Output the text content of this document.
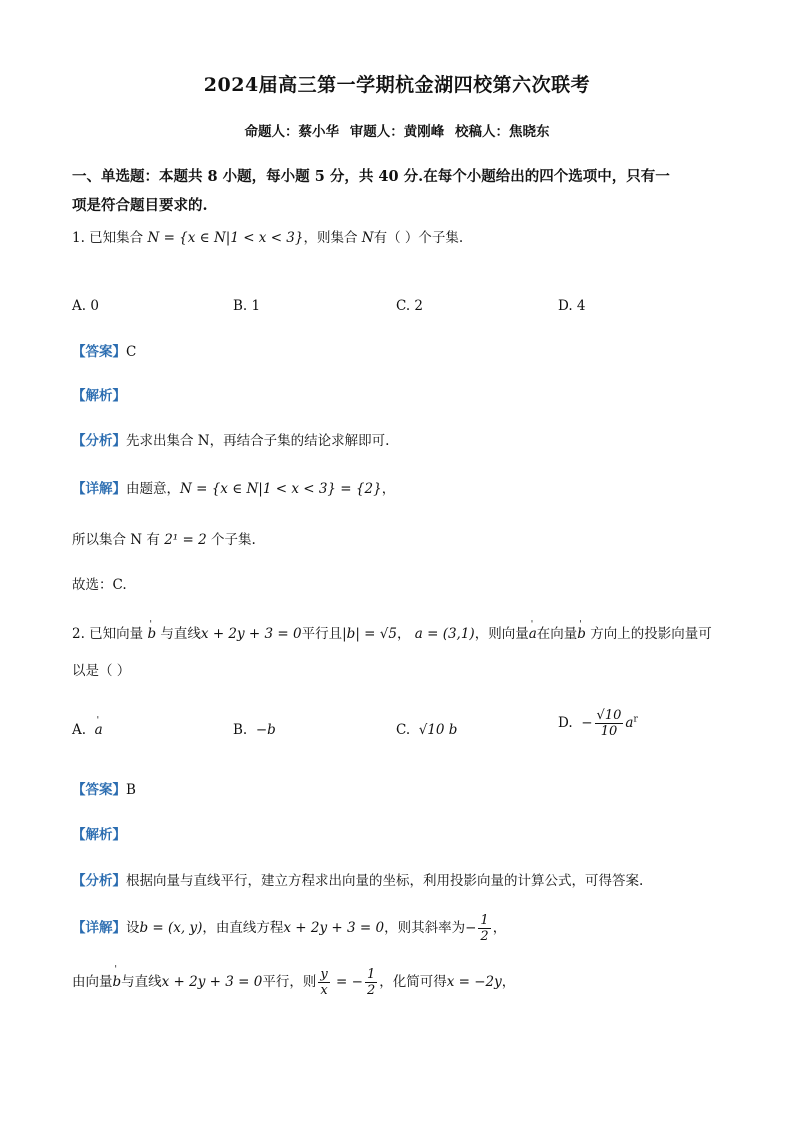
2024届高三第一学期杭金湖四校第六次联考
命题人：蔡小华 审题人：黄刚峰 校稿人：焦晓东
一、单选题：本题共 8 小题，每小题 5 分，共 40 分.在每个小题给出的四个选项中，只有一
项是符合题目要求的.
1. 已知集合 N = {x ∈ N|1 < x < 3}，则集合 N有（ ）个子集.
A. 0	B. 1	C. 2	D. 4
【答案】C
【解析】
【分析】先求出集合 N，再结合子集的结论求解即可.
【详解】由题意，N = {x ∈ N|1 < x < 3} = {2}，
所以集合 N 有 2¹ = 2 个子集.
故选：C.
2. 已知向量 ' b 与直线x + 2y + 3 = 0平行且|b| = √5， a = (3,1)，则向量' a在向量' b 方向上的投影向量可
以是（ ）
A. ' a	B. −b	C. √10 b	D. − $\frac{√10}{10} a^r$
【答案】B
【解析】
【分析】根据向量与直线平行，建立方程求出向量的坐标，利用投影向量的计算公式，可得答案.
【详解】设b = (x, y)，由直线方程x + 2y + 3 = 0，则其斜率为− $\frac{1}{2}$ ，
由向量' b与直线x + 2y + 3 = 0平行，则 $\frac{y}{x}$ = − $\frac{1}{2}$ ，化简可得x = −2y，
